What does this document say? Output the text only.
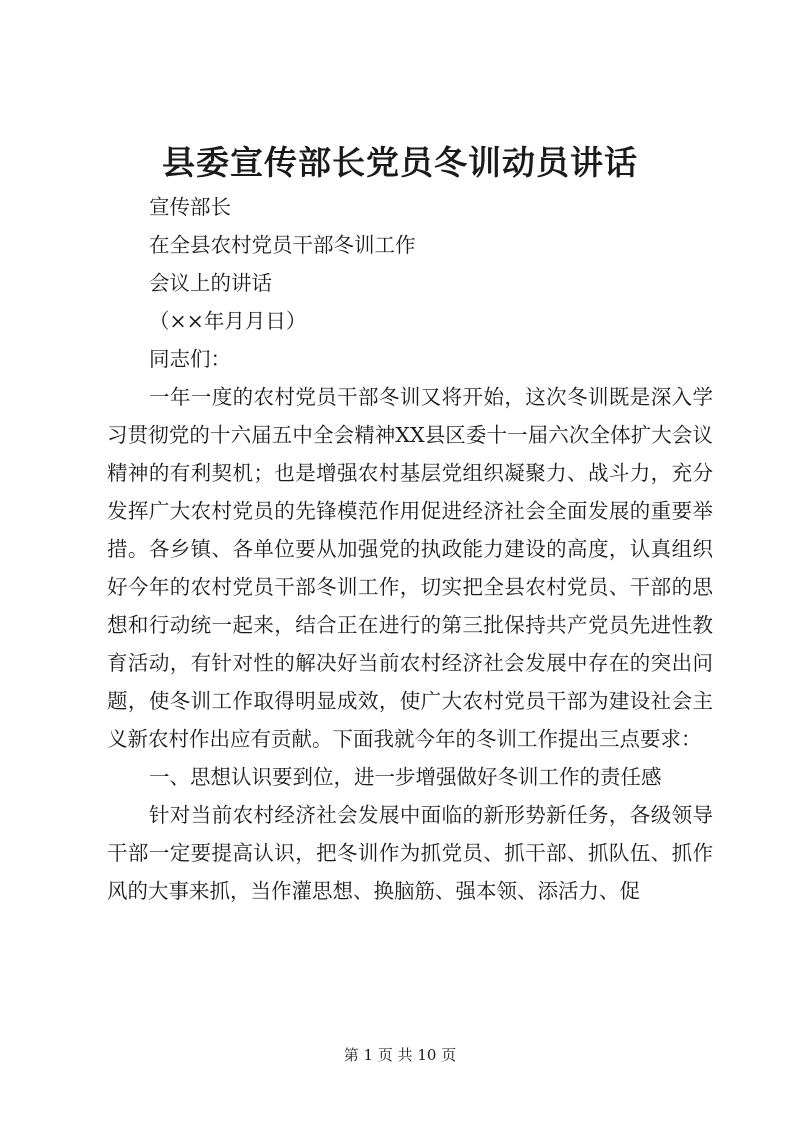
县委宣传部长党员冬训动员讲话

宣传部长

在全县农村党员干部冬训工作

会议上的讲话

（××年月月日）

同志们：

一年一度的农村党员干部冬训又将开始，这次冬训既是深入学习贯彻党的十六届五中全会精神XX县区委十一届六次全体扩大会议精神的有利契机；也是增强农村基层党组织凝聚力、战斗力，充分发挥广大农村党员的先锋模范作用促进经济社会全面发展的重要举措。各乡镇、各单位要从加强党的执政能力建设的高度，认真组织好今年的农村党员干部冬训工作，切实把全县农村党员、干部的思想和行动统一起来，结合正在进行的第三批保持共产党员先进性教育活动，有针对性的解决好当前农村经济社会发展中存在的突出问题，使冬训工作取得明显成效，使广大农村党员干部为建设社会主义新农村作出应有贡献。下面我就今年的冬训工作提出三点要求：

一、思想认识要到位，进一步增强做好冬训工作的责任感

针对当前农村经济社会发展中面临的新形势新任务，各级领导干部一定要提高认识，把冬训作为抓党员、抓干部、抓队伍、抓作风的大事来抓，当作灌思想、换脑筋、强本领、添活力、促

第 1 页 共 10 页
